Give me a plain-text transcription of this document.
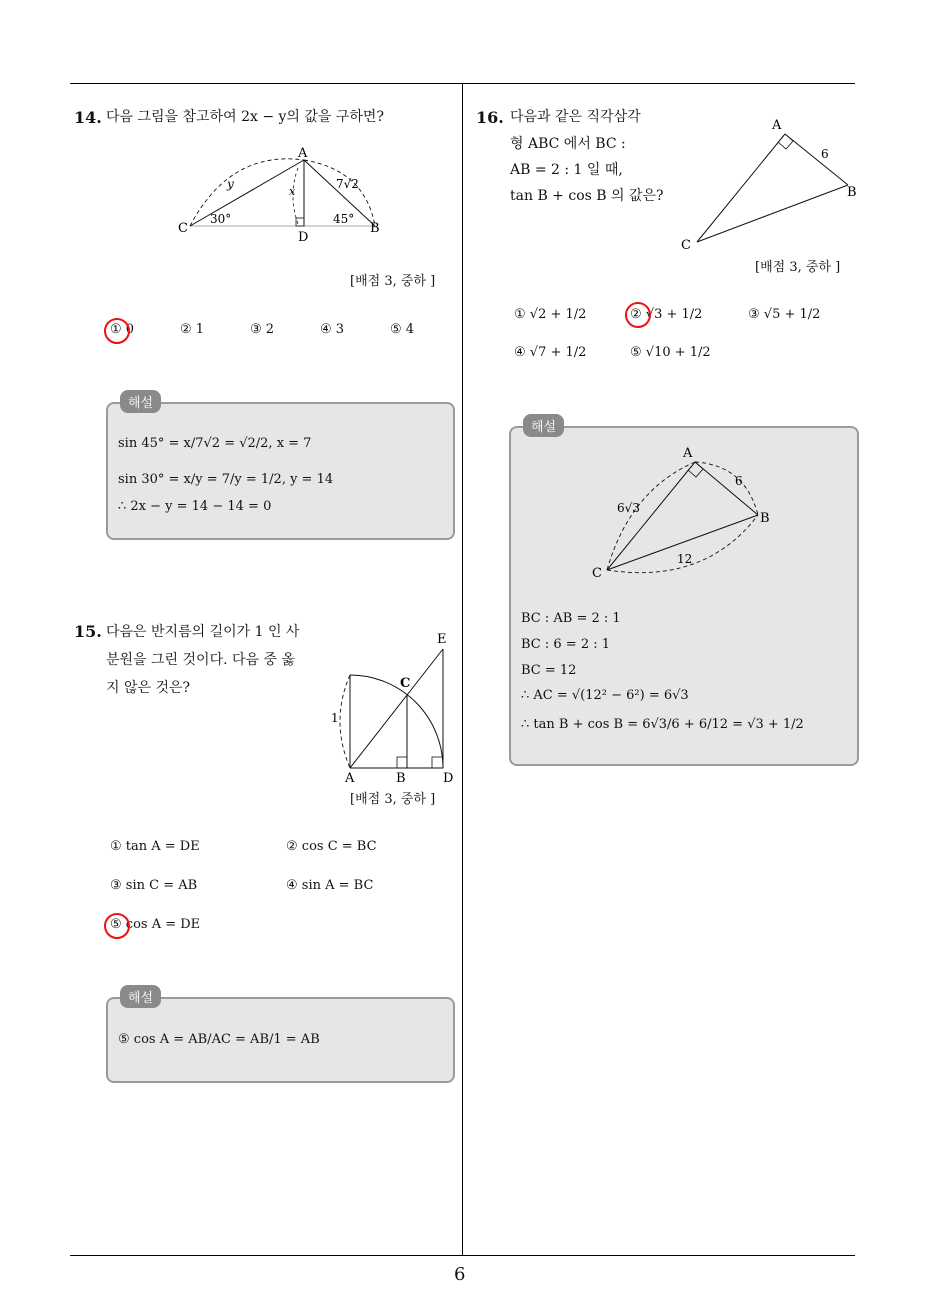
6
14. 다음 그림을 참고하여 2x − y의 값을 구하면?
A
B
C
D
y
x
7√2
30°	45°
[배점 3, 중하 ]
① 0	② 1	③ 2	④ 3	⑤ 4
해설
sin 45° = x/7√2 = √2/2, x = 7
sin 30° = x/y = 7/y = 1/2, y = 14
∴ 2x − y = 14 − 14 = 0
15. 다음은 반지름의 길이가 1 인 사
분원을 그린 것이다. 다음 중 옳
지 않은 것은?
A	B
C
D
E
1
[배점 3, 중하 ]
① tan A = DE	② cos C = BC
③ sin C = AB	④ sin A = BC
⑤ cos A = DE
해설
⑤ cos A = AB/AC = AB/1 = AB
16. 다음과 같은 직각삼각
형 ABC 에서 BC :
AB = 2 : 1 일 때,
tan B + cos B 의 값은?
A
B
C
6
[배점 3, 중하 ]
① √2 + 1/2	② √3 + 1/2	③ √5 + 1/2
④ √7 + 1/2	⑤ √10 + 1/2
해설
A
B
C
6
6√3
12
BC : AB = 2 : 1
BC : 6 = 2 : 1
BC = 12
∴ AC = √(12² − 6²) = 6√3
∴ tan B + cos B = 6√3/6 + 6/12 = √3 + 1/2
